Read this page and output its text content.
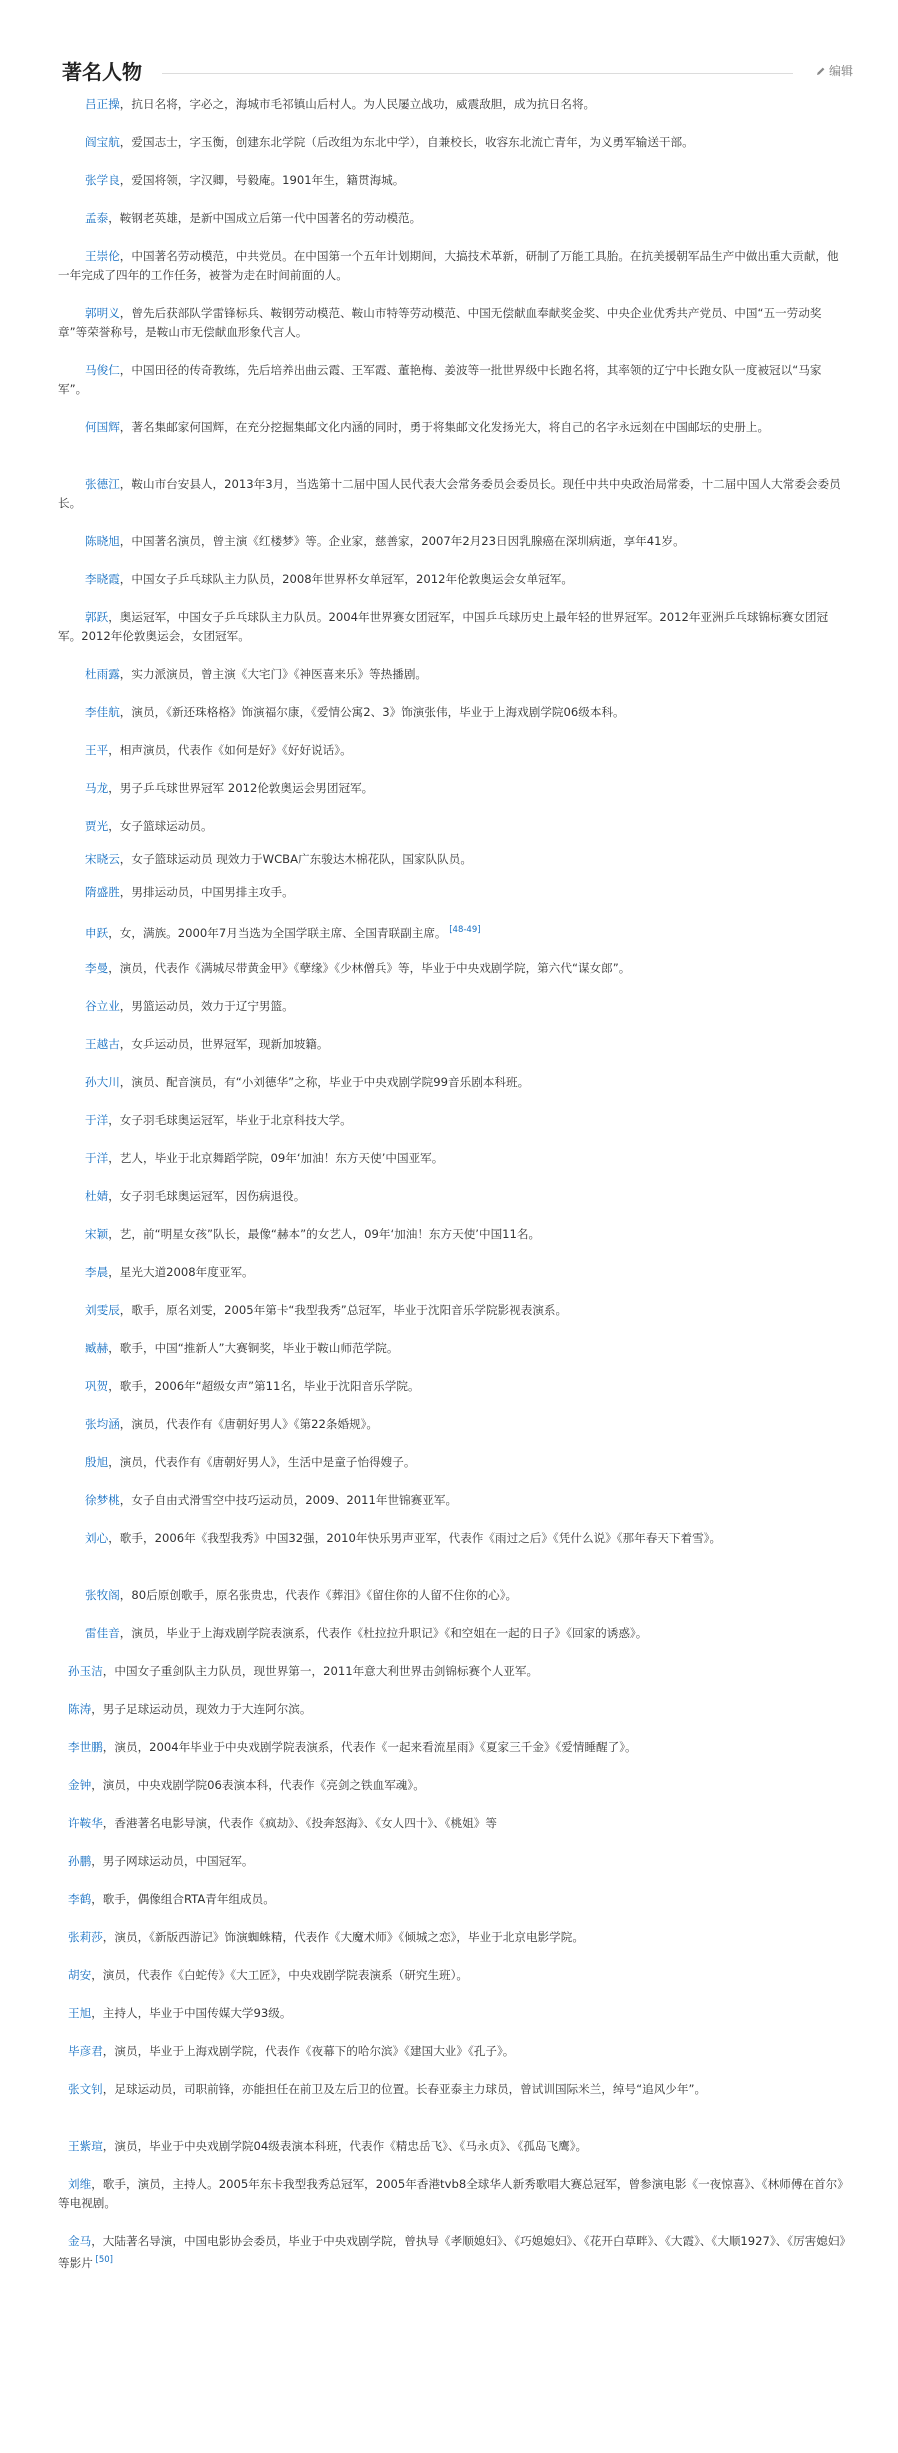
著名人物	编辑
吕正操，抗日名将，字必之，海城市毛祁镇山后村人。为人民屡立战功，威震敌胆，成为抗日名将。
阎宝航，爱国志士，字玉衡，创建东北学院（后改组为东北中学），自兼校长，收容东北流亡青年，为义勇军输送干部。
张学良，爱国将领，字汉卿，号毅庵。1901年生，籍贯海城。
孟泰，鞍钢老英雄，是新中国成立后第一代中国著名的劳动模范。
王崇伦，中国著名劳动模范，中共党员。在中国第一个五年计划期间，大搞技术革新，研制了万能工具胎。在抗美援朝军品生产中做出重大贡献，他一年完成了四年的工作任务，被誉为走在时间前面的人。
郭明义，曾先后获部队学雷锋标兵、鞍钢劳动模范、鞍山市特等劳动模范、中国无偿献血奉献奖金奖、中央企业优秀共产党员、中国“五一劳动奖章”等荣誉称号，是鞍山市无偿献血形象代言人。
马俊仁，中国田径的传奇教练，先后培养出曲云霞、王军霞、董艳梅、姜波等一批世界级中长跑名将，其率领的辽宁中长跑女队一度被冠以“马家军”。
何国辉，著名集邮家何国辉，在充分挖掘集邮文化内涵的同时，勇于将集邮文化发扬光大，将自己的名字永远刻在中国邮坛的史册上。
张德江，鞍山市台安县人，2013年3月，当选第十二届中国人民代表大会常务委员会委员长。现任中共中央政治局常委，十二届中国人大常委会委员长。
陈晓旭，中国著名演员，曾主演《红楼梦》等。企业家，慈善家，2007年2月23日因乳腺癌在深圳病逝，享年41岁。
李晓霞，中国女子乒乓球队主力队员，2008年世界杯女单冠军，2012年伦敦奥运会女单冠军。
郭跃，奥运冠军，中国女子乒乓球队主力队员。2004年世界赛女团冠军，中国乒乓球历史上最年轻的世界冠军。2012年亚洲乒乓球锦标赛女团冠军。2012年伦敦奥运会，女团冠军。
杜雨露，实力派演员，曾主演《大宅门》《神医喜来乐》等热播剧。
李佳航，演员，《新还珠格格》饰演福尔康，《爱情公寓2、3》饰演张伟，毕业于上海戏剧学院06级本科。
王平，相声演员，代表作《如何是好》《好好说话》。
马龙，男子乒乓球世界冠军 2012伦敦奥运会男团冠军。
贾光，女子篮球运动员。
宋晓云，女子篮球运动员 现效力于WCBA广东骏达木棉花队，国家队队员。
隋盛胜，男排运动员，中国男排主攻手。
申跃，女，满族。2000年7月当选为全国学联主席、全国青联副主席。 [48-49]
李曼，演员，代表作《满城尽带黄金甲》《孽缘》《少林僧兵》等，毕业于中央戏剧学院，第六代“谋女郎”。
谷立业，男篮运动员，效力于辽宁男篮。
王越古，女乒运动员，世界冠军，现新加坡籍。
孙大川，演员、配音演员，有“小刘德华”之称，毕业于中央戏剧学院99音乐剧本科班。
于洋，女子羽毛球奥运冠军，毕业于北京科技大学。
于洋，艺人，毕业于北京舞蹈学院，09年‘加油！东方天使’中国亚军。
杜婧，女子羽毛球奥运冠军，因伤病退役。
宋颖，艺，前“明星女孩”队长，最像“赫本”的女艺人，09年‘加油！东方天使’中国11名。
李晨，星光大道2008年度亚军。
刘雯辰，歌手，原名刘雯，2005年第卡“我型我秀”总冠军，毕业于沈阳音乐学院影视表演系。
臧赫，歌手，中国“推新人”大赛铜奖，毕业于鞍山师范学院。
巩贺，歌手，2006年“超级女声”第11名，毕业于沈阳音乐学院。
张均涵，演员，代表作有《唐朝好男人》《第22条婚规》。
殷旭，演员，代表作有《唐朝好男人》，生活中是童子怡得嫂子。
徐梦桃，女子自由式滑雪空中技巧运动员，2009、2011年世锦赛亚军。
刘心，歌手，2006年《我型我秀》中国32强，2010年快乐男声亚军，代表作《雨过之后》《凭什么说》《那年春天下着雪》。
张牧阁，80后原创歌手，原名张贵忠，代表作《葬泪》《留住你的人留不住你的心》。
雷佳音，演员，毕业于上海戏剧学院表演系，代表作《杜拉拉升职记》《和空姐在一起的日子》《回家的诱惑》。
孙玉洁，中国女子重剑队主力队员，现世界第一，2011年意大利世界击剑锦标赛个人亚军。
陈涛，男子足球运动员，现效力于大连阿尔滨。
李世鹏，演员，2004年毕业于中央戏剧学院表演系，代表作《一起来看流星雨》《夏家三千金》《爱情睡醒了》。
金钟，演员，中央戏剧学院06表演本科，代表作《亮剑之铁血军魂》。
许鞍华，香港著名电影导演，代表作《疯劫》、《投奔怒海》、《女人四十》、《桃姐》等
孙鹏，男子网球运动员，中国冠军。
李鹤，歌手，偶像组合RTA青年组成员。
张莉莎，演员，《新版西游记》饰演蜘蛛精，代表作《大魔术师》《倾城之恋》，毕业于北京电影学院。
胡安，演员，代表作《白蛇传》《大工匠》，中央戏剧学院表演系（研究生班）。
王旭，主持人，毕业于中国传媒大学93级。
毕彦君，演员，毕业于上海戏剧学院，代表作《夜幕下的哈尔滨》《建国大业》《孔子》。
张文钊，足球运动员，司职前锋，亦能担任在前卫及左后卫的位置。长春亚泰主力球员，曾试训国际米兰，绰号“追风少年”。
王紫瑄，演员，毕业于中央戏剧学院04级表演本科班，代表作《精忠岳飞》、《马永贞》、《孤岛飞鹰》。
刘维，歌手，演员，主持人。2005年东卡我型我秀总冠军，2005年香港tvb8全球华人新秀歌唱大赛总冠军，曾参演电影《一夜惊喜》、《林师傅在首尔》等电视剧。
金马，大陆著名导演，中国电影协会委员，毕业于中央戏剧学院，曾执导《孝顺媳妇》、《巧媳媳妇》、《花开白草畔》、《大霞》、《大顺1927》、《厉害媳妇》等影片 [50]
